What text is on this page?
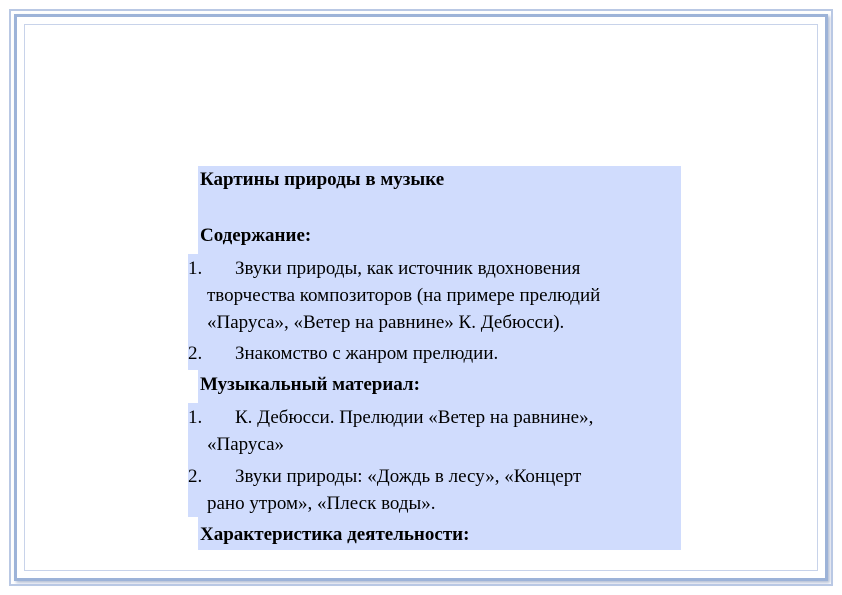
Картины природы в музыке
Содержание:
1. Звуки природы, как источник вдохновения
творчества композиторов (на примере прелюдий
«Паруса», «Ветер на равнине» К. Дебюсси).
2. Знакомство с жанром прелюдии.
Музыкальный материал:
1. К. Дебюсси. Прелюдии «Ветер на равнине»,
«Паруса»
2. Звуки природы: «Дождь в лесу», «Концерт
рано утром», «Плеск воды».
Характеристика деятельности:
